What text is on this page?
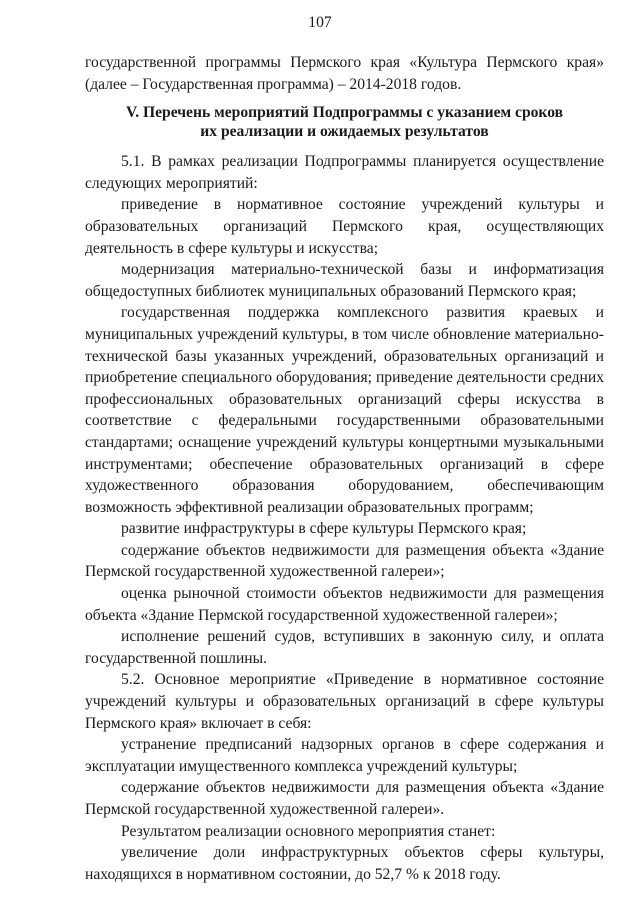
107

государственной программы Пермского края «Культура Пермского края» (далее – Государственная программа) – 2014-2018 годов.

V. Перечень мероприятий Подпрограммы с указанием сроков
их реализации и ожидаемых результатов

5.1. В рамках реализации Подпрограммы планируется осуществление следующих мероприятий:

приведение в нормативное состояние учреждений культуры и образовательных организаций Пермского края, осуществляющих деятельность в сфере культуры и искусства;

модернизация материально-технической базы и информатизация общедоступных библиотек муниципальных образований Пермского края;

государственная поддержка комплексного развития краевых и муниципальных учреждений культуры, в том числе обновление материально-технической базы указанных учреждений, образовательных организаций и приобретение специального оборудования; приведение деятельности средних профессиональных образовательных организаций сферы искусства в соответствие с федеральными государственными образовательными стандартами; оснащение учреждений культуры концертными музыкальными инструментами; обеспечение образовательных организаций в сфере художественного образования оборудованием, обеспечивающим возможность эффективной реализации образовательных программ;

развитие инфраструктуры в сфере культуры Пермского края;

содержание объектов недвижимости для размещения объекта «Здание Пермской государственной художественной галереи»;

оценка рыночной стоимости объектов недвижимости для размещения объекта «Здание Пермской государственной художественной галереи»;

исполнение решений судов, вступивших в законную силу, и оплата государственной пошлины.

5.2. Основное мероприятие «Приведение в нормативное состояние учреждений культуры и образовательных организаций в сфере культуры Пермского края» включает в себя:

устранение предписаний надзорных органов в сфере содержания и эксплуатации имущественного комплекса учреждений культуры;

содержание объектов недвижимости для размещения объекта «Здание Пермской государственной художественной галереи».

Результатом реализации основного мероприятия станет:

увеличение доли инфраструктурных объектов сферы культуры, находящихся в нормативном состоянии, до 52,7 % к 2018 году.
